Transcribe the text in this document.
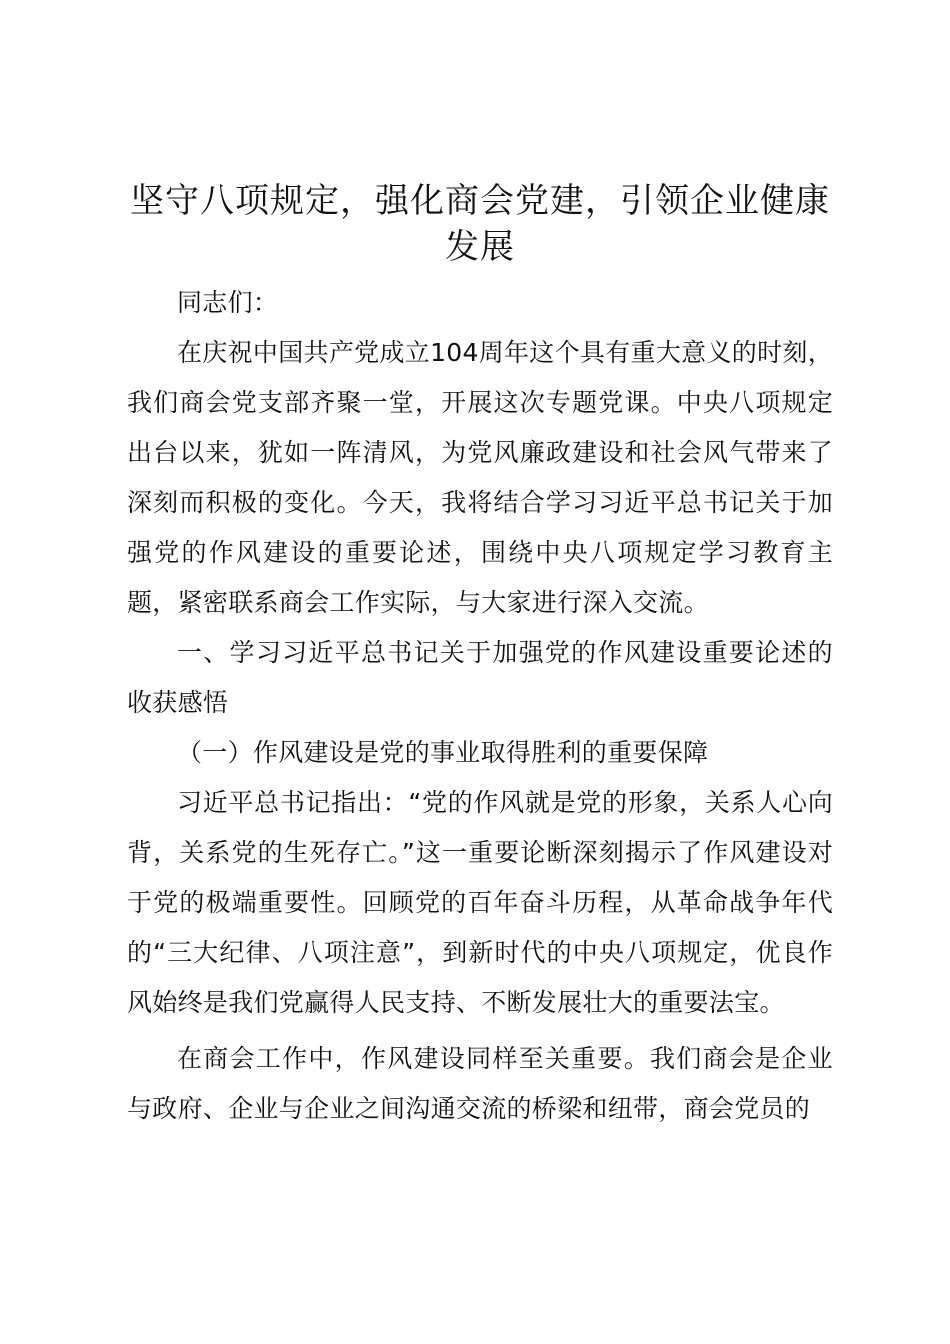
坚守八项规定，强化商会党建，引领企业健康
发展

同志们：

在庆祝中国共产党成立104周年这个具有重大意义的时刻，我们商会党支部齐聚一堂，开展这次专题党课。中央八项规定出台以来，犹如一阵清风，为党风廉政建设和社会风气带来了深刻而积极的变化。今天，我将结合学习习近平总书记关于加强党的作风建设的重要论述，围绕中央八项规定学习教育主题，紧密联系商会工作实际，与大家进行深入交流。

一、学习习近平总书记关于加强党的作风建设重要论述的收获感悟

（一）作风建设是党的事业取得胜利的重要保障

习近平总书记指出：“党的作风就是党的形象，关系人心向背，关系党的生死存亡。”这一重要论断深刻揭示了作风建设对于党的极端重要性。回顾党的百年奋斗历程，从革命战争年代的“三大纪律、八项注意”，到新时代的中央八项规定，优良作风始终是我们党赢得人民支持、不断发展壮大的重要法宝。

在商会工作中，作风建设同样至关重要。我们商会是企业与政府、企业与企业之间沟通交流的桥梁和纽带，商会党员的
